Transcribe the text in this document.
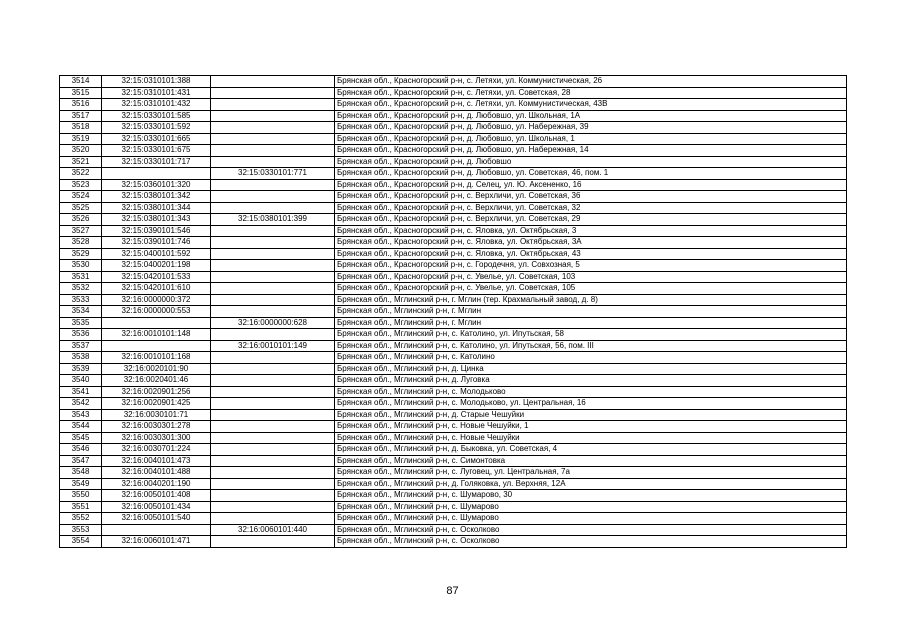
3514	32:15:0310101:388		Брянская обл., Красногорский р-н, с. Летяхи, ул. Коммунистическая, 26
3515	32:15:0310101:431		Брянская обл., Красногорский р-н, с. Летяхи, ул. Советская, 28
3516	32:15:0310101:432		Брянская обл., Красногорский р-н, с. Летяхи, ул. Коммунистическая, 43В
3517	32:15:0330101:585		Брянская обл., Красногорский р-н, д. Любовшо, ул. Школьная, 1А
3518	32:15:0330101:592		Брянская обл., Красногорский р-н, д. Любовшо, ул. Набережная, 39
3519	32:15:0330101:665		Брянская обл., Красногорский р-н, д. Любовшо, ул. Школьная, 1
3520	32:15:0330101:675		Брянская обл., Красногорский р-н, д. Любовшо, ул. Набережная, 14
3521	32:15:0330101:717		Брянская обл., Красногорский р-н, д. Любовшо
3522		32:15:0330101:771	Брянская обл., Красногорский р-н, д. Любовшо, ул. Советская, 46, пом. 1
3523	32:15:0360101:320		Брянская обл., Красногорский р-н, д. Селец, ул. Ю. Аксененко, 16
3524	32:15:0380101:342		Брянская обл., Красногорский р-н, с. Верхличи, ул. Советская, 36
3525	32:15:0380101:344		Брянская обл., Красногорский р-н, с. Верхличи, ул. Советская, 32
3526	32:15:0380101:343	32:15:0380101:399	Брянская обл., Красногорский р-н, с. Верхличи, ул. Советская, 29
3527	32:15:0390101:546		Брянская обл., Красногорский р-н, с. Яловка, ул. Октябрьская, 3
3528	32:15:0390101:746		Брянская обл., Красногорский р-н, с. Яловка, ул. Октябрьская, 3А
3529	32:15:0400101:592		Брянская обл., Красногорский р-н, с. Яловка, ул. Октябрьская, 43
3530	32:15:0400201:198		Брянская обл., Красногорский р-н, с. Городечня, ул. Совхозная, 5
3531	32:15:0420101:533		Брянская обл., Красногорский р-н, с. Увелье, ул. Советская, 103
3532	32:15:0420101:610		Брянская обл., Красногорский р-н, с. Увелье, ул. Советская, 105
3533	32:16:0000000:372		Брянская обл., Мглинский р-н, г. Мглин (тер. Крахмальный завод, д. 8)
3534	32:16:0000000:553		Брянская обл., Мглинский р-н, г. Мглин
3535		32:16:0000000:628	Брянская обл., Мглинский р-н, г. Мглин
3536	32:16:0010101:148		Брянская обл., Мглинский р-н, с. Католино, ул. Ипутьская, 58
3537		32:16:0010101:149	Брянская обл., Мглинский р-н, с. Католино, ул. Ипутьская, 56, пом. III
3538	32:16:0010101:168		Брянская обл., Мглинский р-н, с. Католино
3539	32:16:0020101:90		Брянская обл., Мглинский р-н, д. Цинка
3540	32:16:0020401:46		Брянская обл., Мглинский р-н, д. Луговка
3541	32:16:0020901:256		Брянская обл., Мглинский р-н, с. Молодьково
3542	32:16:0020901:425		Брянская обл., Мглинский р-н, с. Молодьково, ул. Центральная, 16
3543	32:16:0030101:71		Брянская обл., Мглинский р-н, д. Старые Чешуйки
3544	32:16:0030301:278		Брянская обл., Мглинский р-н, с. Новые Чешуйки, 1
3545	32:16:0030301:300		Брянская обл., Мглинский р-н, с. Новые Чешуйки
3546	32:16:0030701:224		Брянская обл., Мглинский р-н, д. Быковка, ул. Советская, 4
3547	32:16:0040101:473		Брянская обл., Мглинский р-н, с. Симонтовка
3548	32:16:0040101:488		Брянская обл., Мглинский р-н, с. Луговец, ул. Центральная, 7а
3549	32:16:0040201:190		Брянская обл., Мглинский р-н, д. Голяковка, ул. Верхняя, 12А
3550	32:16:0050101:408		Брянская обл., Мглинский р-н, с. Шумарово, 30
3551	32:16:0050101:434		Брянская обл., Мглинский р-н, с. Шумарово
3552	32:16:0050101:540		Брянская обл., Мглинский р-н, с. Шумарово
3553		32:16:0060101:440	Брянская обл., Мглинский р-н, с. Осколково
3554	32:16:0060101:471		Брянская обл., Мглинский р-н, с. Осколково
87
